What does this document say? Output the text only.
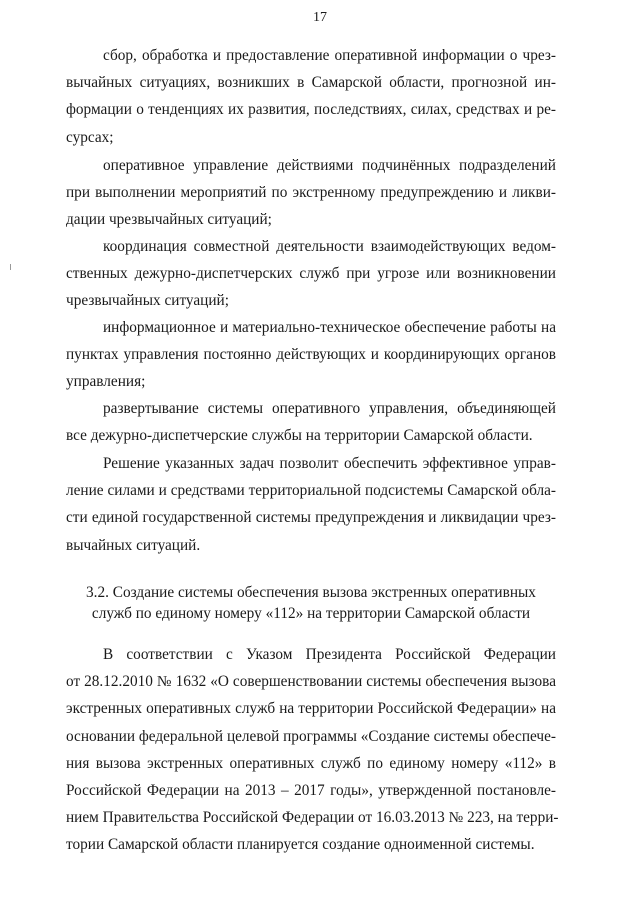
17
сбор, обработка и предоставление оперативной информации о чрез-
вычайных ситуациях, возникших в Самарской области, прогнозной ин-
формации о тенденциях их развития, последствиях, силах, средствах и ре-
сурсах;
оперативное управление действиями подчинённых подразделений
при выполнении мероприятий по экстренному предупреждению и ликви-
дации чрезвычайных ситуаций;
координация совместной деятельности взаимодействующих ведом-
ственных дежурно-диспетчерских служб при угрозе или возникновении
чрезвычайных ситуаций;
информационное и материально-техническое обеспечение работы на
пунктах управления постоянно действующих и координирующих органов
управления;
развертывание системы оперативного управления, объединяющей
все дежурно-диспетчерские службы на территории Самарской области.
Решение указанных задач позволит обеспечить эффективное управ-
ление силами и средствами территориальной подсистемы Самарской обла-
сти единой государственной системы предупреждения и ликвидации чрез-
вычайных ситуаций.
3.2. Создание системы обеспечения вызова экстренных оперативных
служб по единому номеру «112» на территории Самарской области
В соответствии с Указом Президента Российской Федерации
от 28.12.2010 № 1632 «О совершенствовании системы обеспечения вызова
экстренных оперативных служб на территории Российской Федерации» на
основании федеральной целевой программы «Создание системы обеспече-
ния вызова экстренных оперативных служб по единому номеру «112» в
Российской Федерации на 2013 – 2017 годы», утвержденной постановле-
нием Правительства Российской Федерации от 16.03.2013 № 223, на терри-
тории Самарской области планируется создание одноименной системы.
